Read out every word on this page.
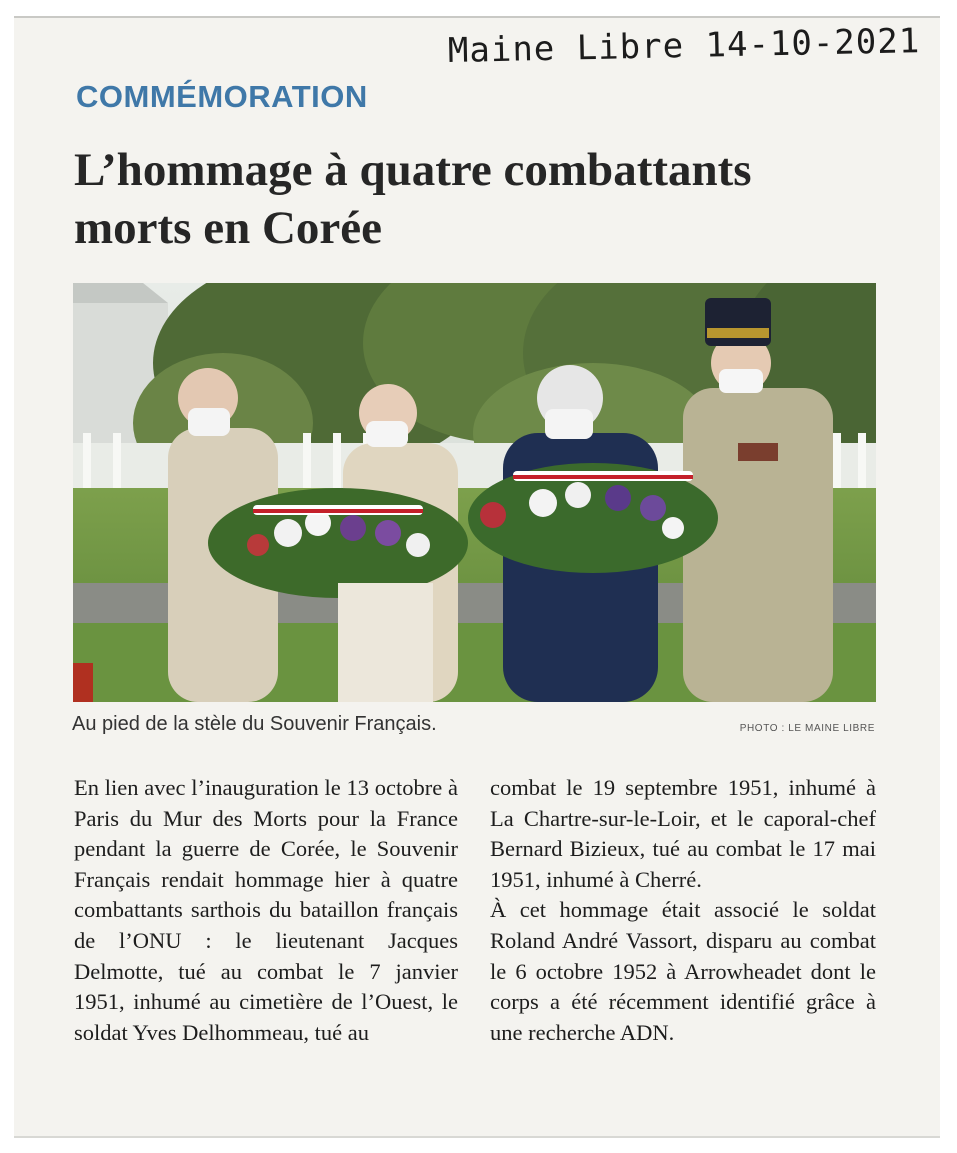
Maine Libre 14-10-2021
COMMÉMORATION
L’hommage à quatre combattants
morts en Corée
Au pied de la stèle du Souvenir Français.	PHOTO : LE MAINE LIBRE

En lien avec l’inauguration le 13 octobre à Paris du Mur des Morts pour la France pendant la guerre de Corée, le Souvenir Français rendait hommage hier à quatre combattants sarthois du bataillon français de l’ONU : le lieutenant Jacques Delmotte, tué au combat le 7 janvier 1951, inhumé au cimetière de l’Ouest, le soldat Yves Delhommeau, tué au

combat le 19 septembre 1951, inhumé à La Chartre-sur-le-Loir, et le caporal-chef Bernard Bizieux, tué au combat le 17 mai 1951, inhumé à Cherré.

À cet hommage était associé le soldat Roland André Vassort, disparu au combat le 6 octobre 1952 à Arrowheadet dont le corps a été récemment identifié grâce à une recherche ADN.
